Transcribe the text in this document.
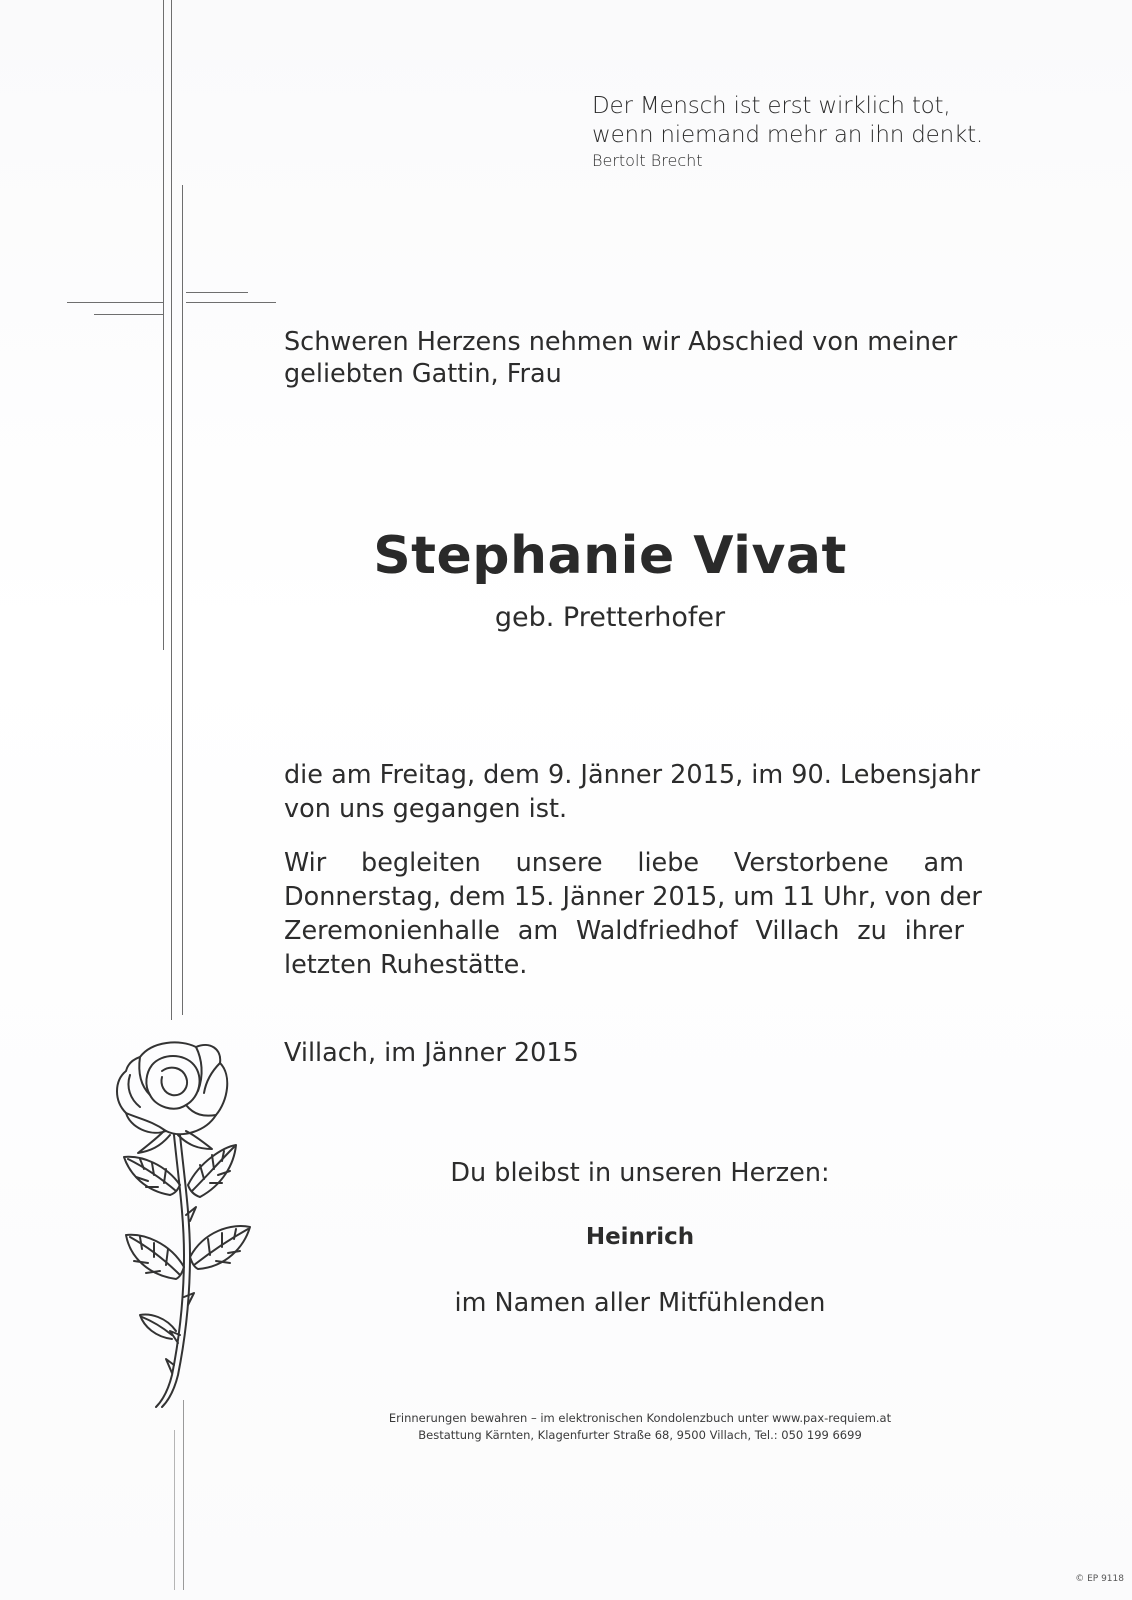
Der Mensch ist erst wirklich tot,
wenn niemand mehr an ihn denkt.
Bertolt Brecht
Schweren Herzens nehmen wir Abschied von meiner
geliebten Gattin, Frau
Stephanie Vivat
geb. Pretterhofer
die am Freitag, dem 9. Jänner 2015, im 90. Lebensjahr
von uns gegangen ist.
Wir begleiten unsere liebe Verstorbene am
Donnerstag, dem 15. Jänner 2015, um 11 Uhr, von der
Zeremonienhalle am Waldfriedhof Villach zu ihrer
letzten Ruhestätte.
Villach, im Jänner 2015
Du bleibst in unseren Herzen:
Heinrich
im Namen aller Mitfühlenden
Erinnerungen bewahren – im elektronischen Kondolenzbuch unter www.pax-requiem.at
Bestattung Kärnten, Klagenfurter Straße 68, 9500 Villach, Tel.: 050 199 6699
© EP 9118
